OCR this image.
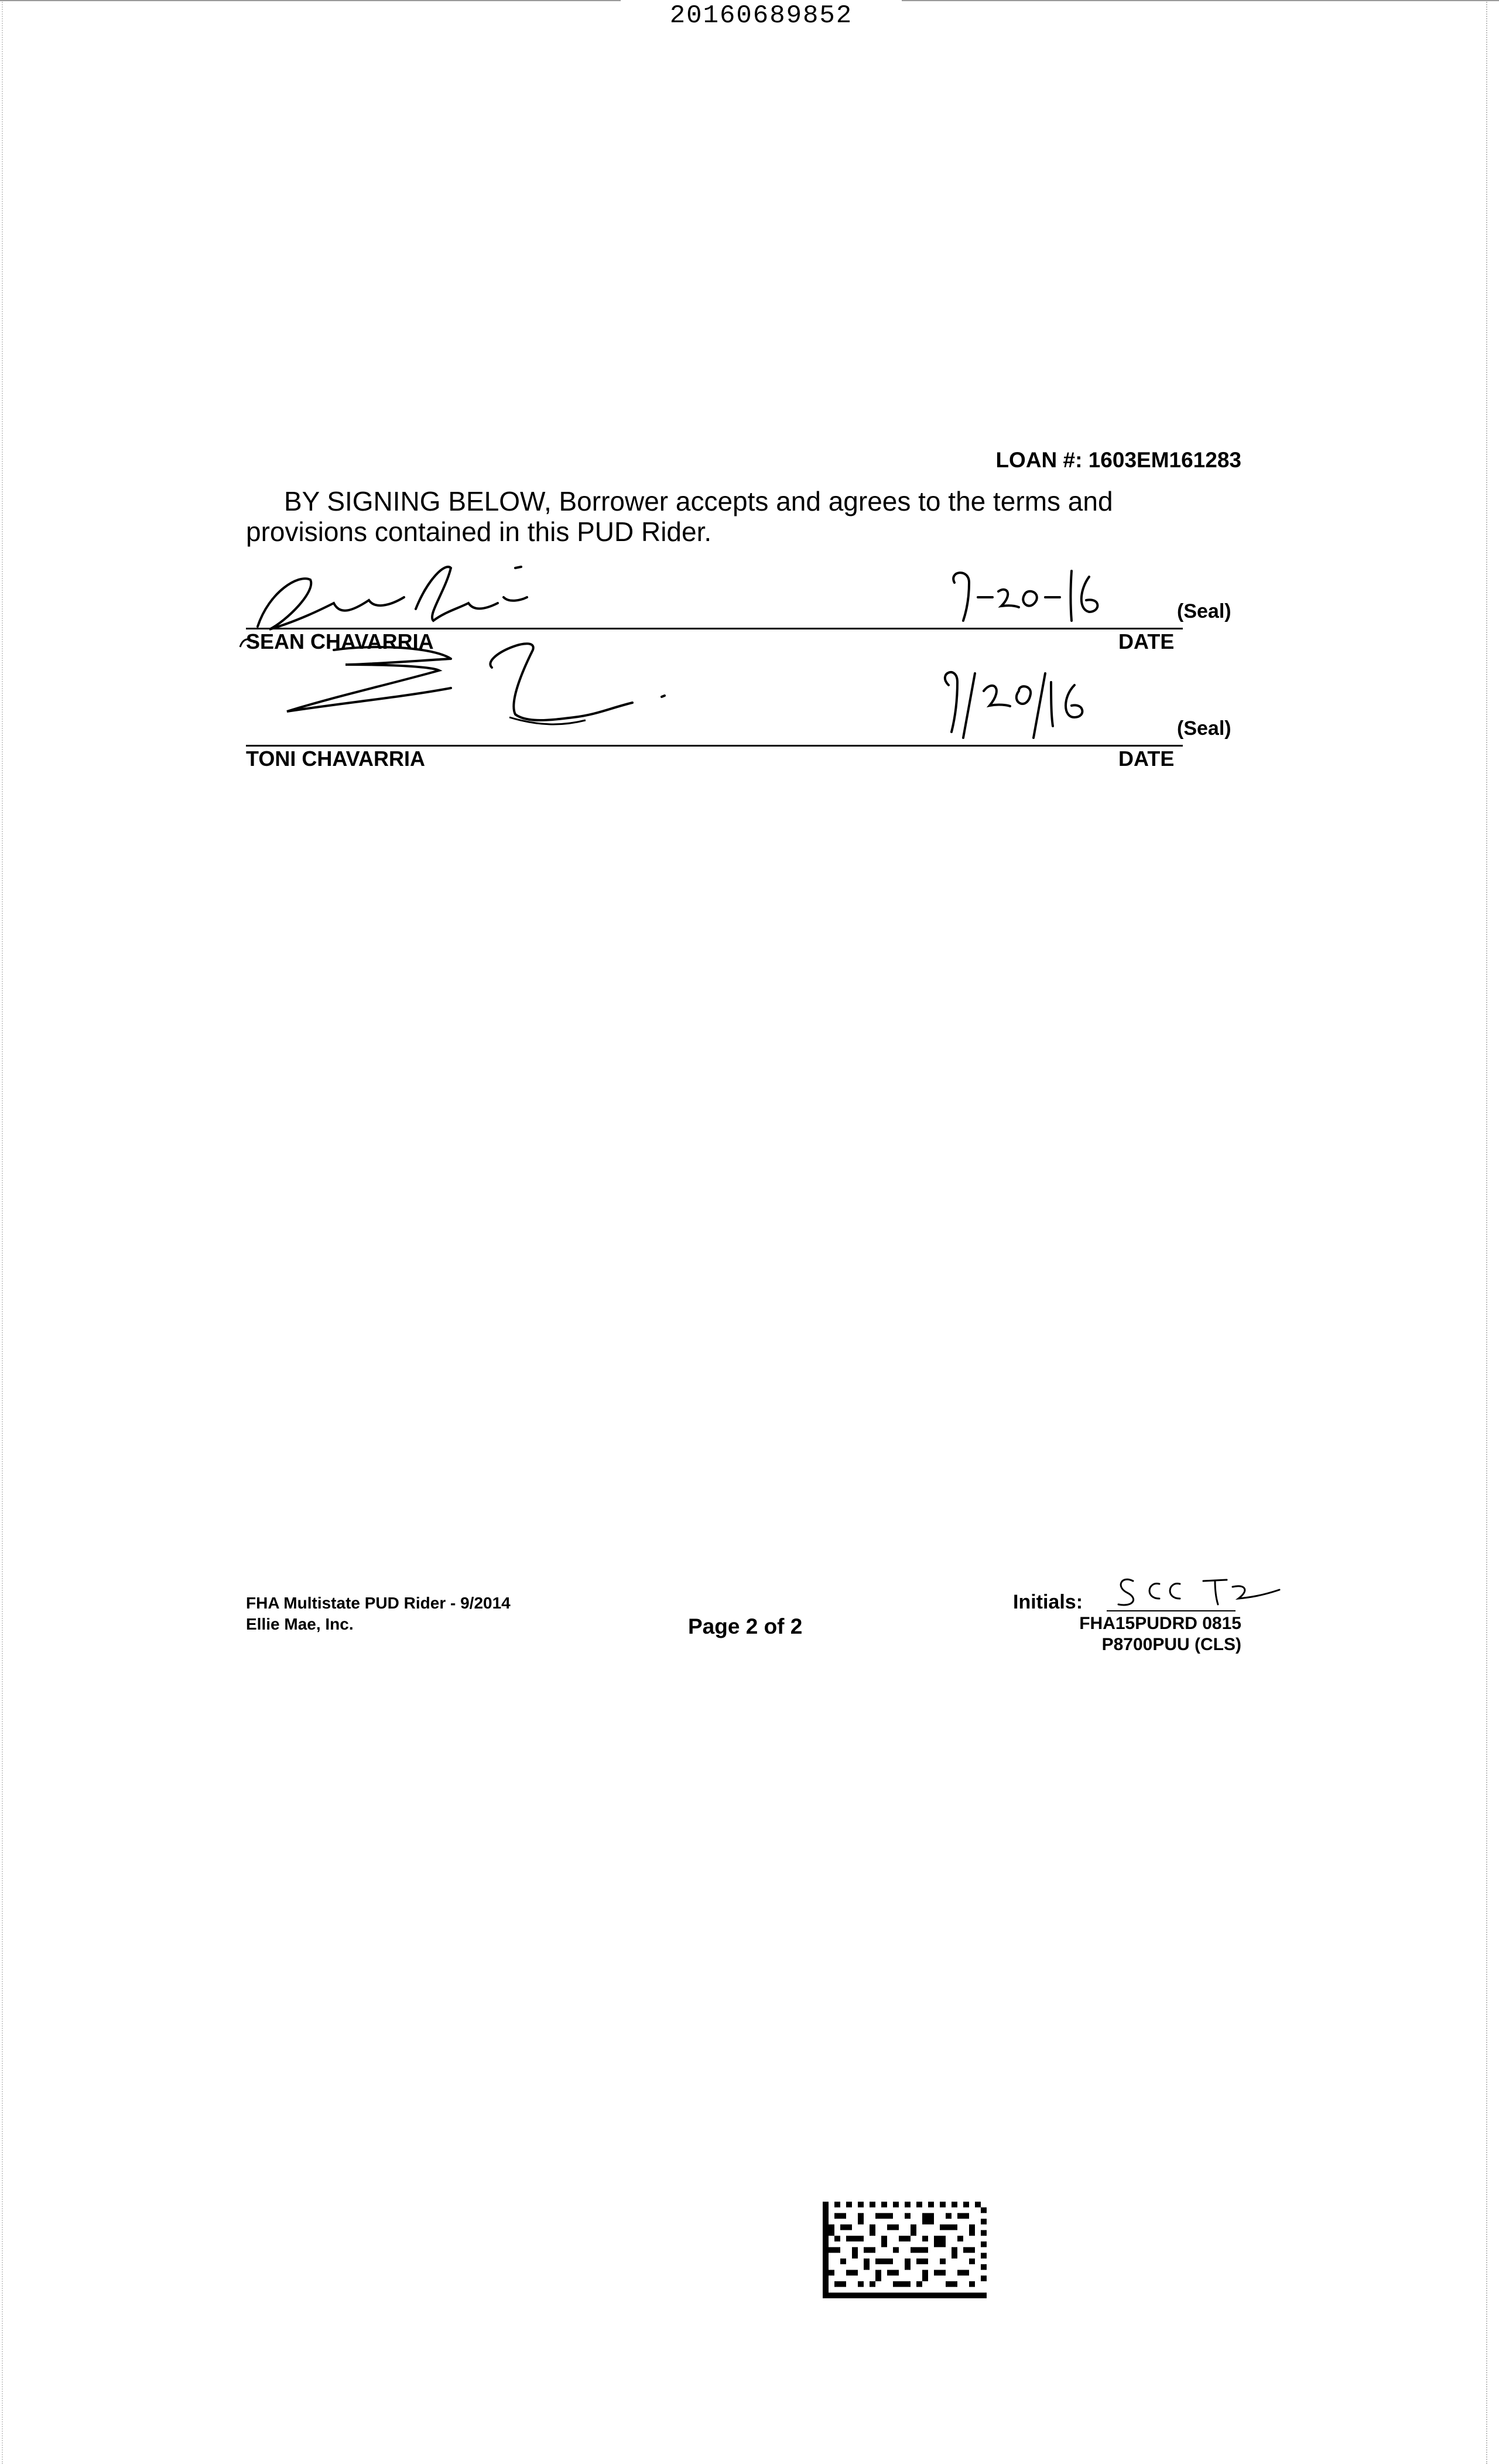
20160689852
LOAN #: 1603EM161283
BY SIGNING BELOW, Borrower accepts and agrees to the terms and provisions contained in this PUD Rider.
(Seal)
SEAN CHAVARRIA	DATE
(Seal)
TONI CHAVARRIA	DATE
FHA Multistate PUD Rider - 9/2014
Ellie Mae, Inc.	Page 2 of 2
Initials:
FHA15PUDRD 0815
P8700PUU (CLS)
